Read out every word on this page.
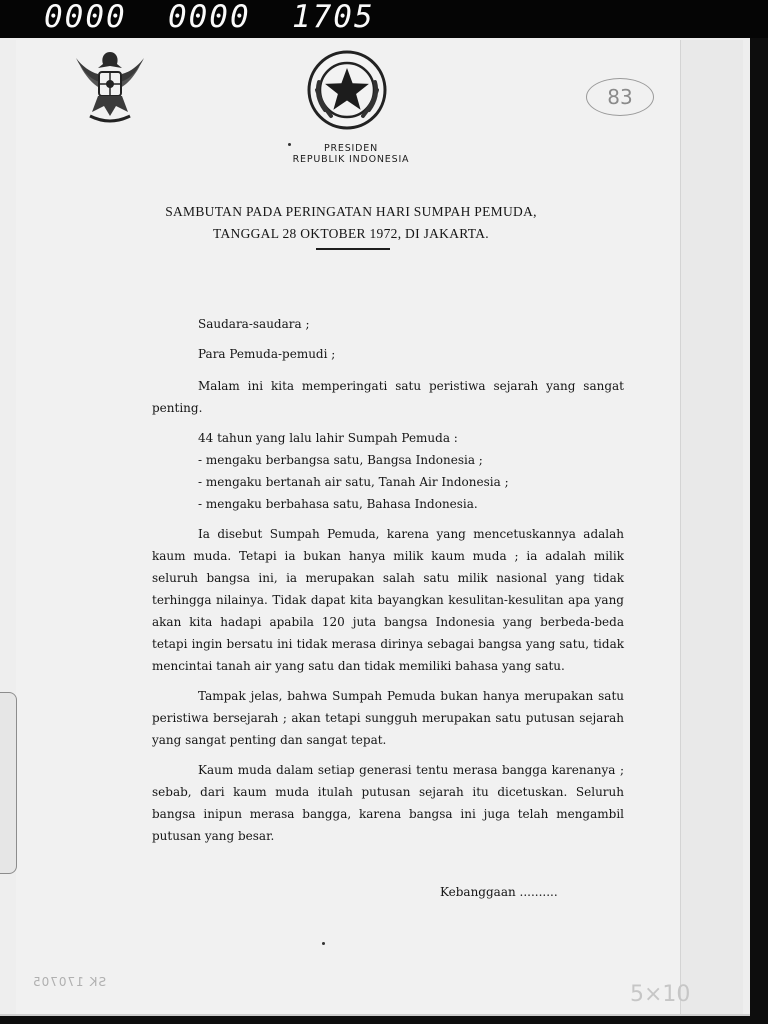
0000  0000  1705
83
PRESIDEN
REPUBLIK INDONESIA
SAMBUTAN PADA PERINGATAN HARI SUMPAH PEMUDA,
TANGGAL 28 OKTOBER 1972, DI JAKARTA.
Saudara-saudara ;
Para Pemuda-pemudi ;
Malam ini kita memperingati satu peristiwa sejarah yang sangat penting.
44 tahun yang lalu lahir Sumpah Pemuda :
- mengaku berbangsa satu, Bangsa Indonesia ;
- mengaku bertanah air satu, Tanah Air Indonesia ;
- mengaku berbahasa satu, Bahasa Indonesia.
Ia disebut Sumpah Pemuda, karena yang mencetuskannya adalah kaum muda. Tetapi ia bukan hanya milik kaum muda ; ia adalah milik seluruh bangsa ini, ia merupakan salah satu milik nasional yang tidak terhingga nilainya. Tidak dapat kita bayangkan kesulitan-kesulitan apa yang akan kita hadapi apabila 120 juta bangsa Indonesia yang berbeda-beda tetapi ingin bersatu ini tidak merasa dirinya sebagai bangsa yang satu, tidak mencintai tanah air yang satu dan tidak memiliki bahasa yang satu.
Tampak jelas, bahwa Sumpah Pemuda bukan hanya merupakan satu peristiwa bersejarah ; akan tetapi sungguh merupakan satu putusan sejarah yang sangat penting dan sangat tepat.
Kaum muda dalam setiap generasi tentu merasa bangga karenanya ; sebab, dari kaum muda itulah putusan sejarah itu dicetuskan. Seluruh bangsa inipun merasa bangga, karena bangsa ini juga telah mengambil putusan yang besar.
Kebanggaan ..........
SK 170705	5×10
